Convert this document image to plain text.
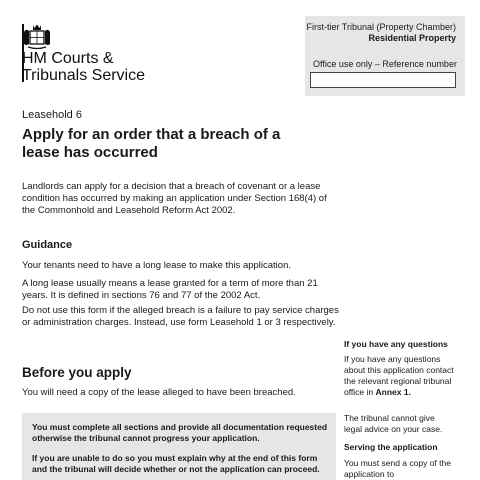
HM Courts &
Tribunals Service
First-tier Tribunal (Property Chamber)
Residential Property
Office use only – Reference number
Leasehold 6
Apply for an order that a breach of a lease has occurred
Landlords can apply for a decision that a breach of covenant or a lease condition has occurred by making an application under Section 168(4) of the Commonhold and Leasehold Reform Act 2002.
Guidance
Your tenants need to have a long lease to make this application.
A long lease usually means a lease granted for a term of more than 21 years. It is defined in sections 76 and 77 of the 2002 Act.
Do not use this form if the alleged breach is a failure to pay service charges or administration charges. Instead, use form Leasehold 1 or 3 respectively.
Before you apply
You will need a copy of the lease alleged to have been breached.

You must complete all sections and provide all documentation requested otherwise the tribunal cannot progress your application.

If you are unable to do so you must explain why at the end of this form and the tribunal will decide whether or not the application can proceed.

If you have any questions
If you have any questions about this application contact the relevant regional tribunal office in Annex 1.
The tribunal cannot give legal advice on your case.
Serving the application
You must send a copy of the application to
